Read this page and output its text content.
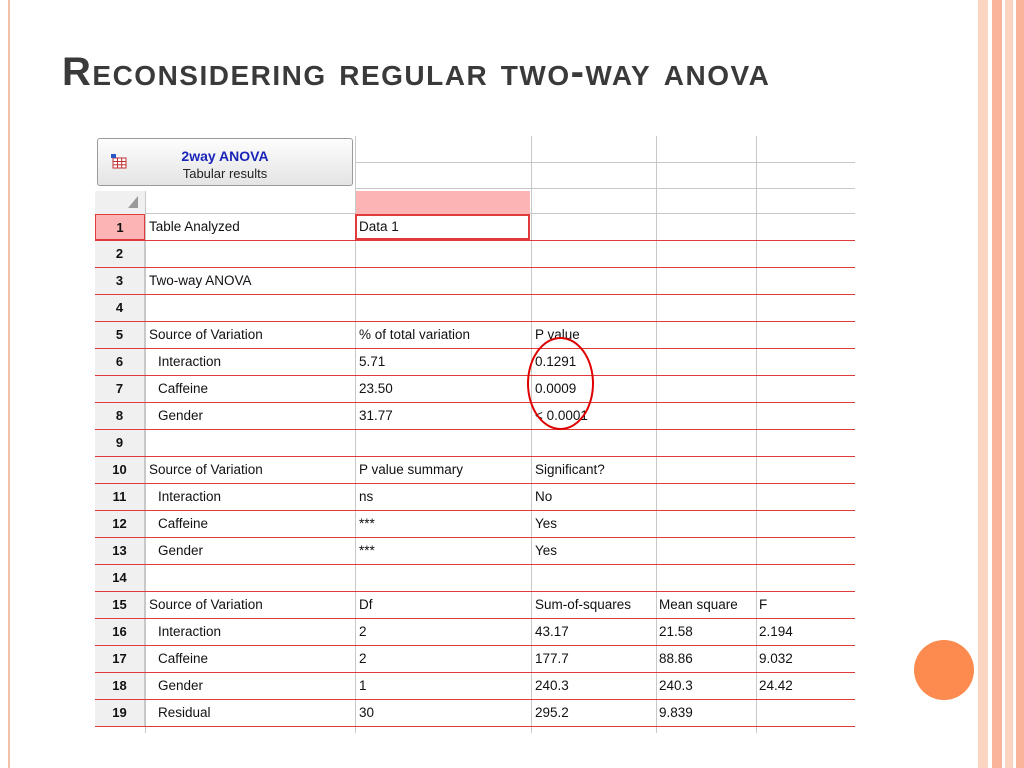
Reconsidering regular two-way anova
2way ANOVA
Tabular results
1	Table Analyzed	Data 1
2
3	Two-way ANOVA
4
5	Source of Variation	% of total variation	P value
6	Interaction	5.71	0.1291
7	Caffeine	23.50	0.0009
8	Gender	31.77	< 0.0001
9
10	Source of Variation	P value summary	Significant?
11	Interaction	ns	No
12	Caffeine	***	Yes
13	Gender	***	Yes
14
15	Source of Variation	Df	Sum-of-squares	Mean square	F
16	Interaction	2	43.17	21.58	2.194
17	Caffeine	2	177.7	88.86	9.032
18	Gender	1	240.3	240.3	24.42
19	Residual	30	295.2	9.839
